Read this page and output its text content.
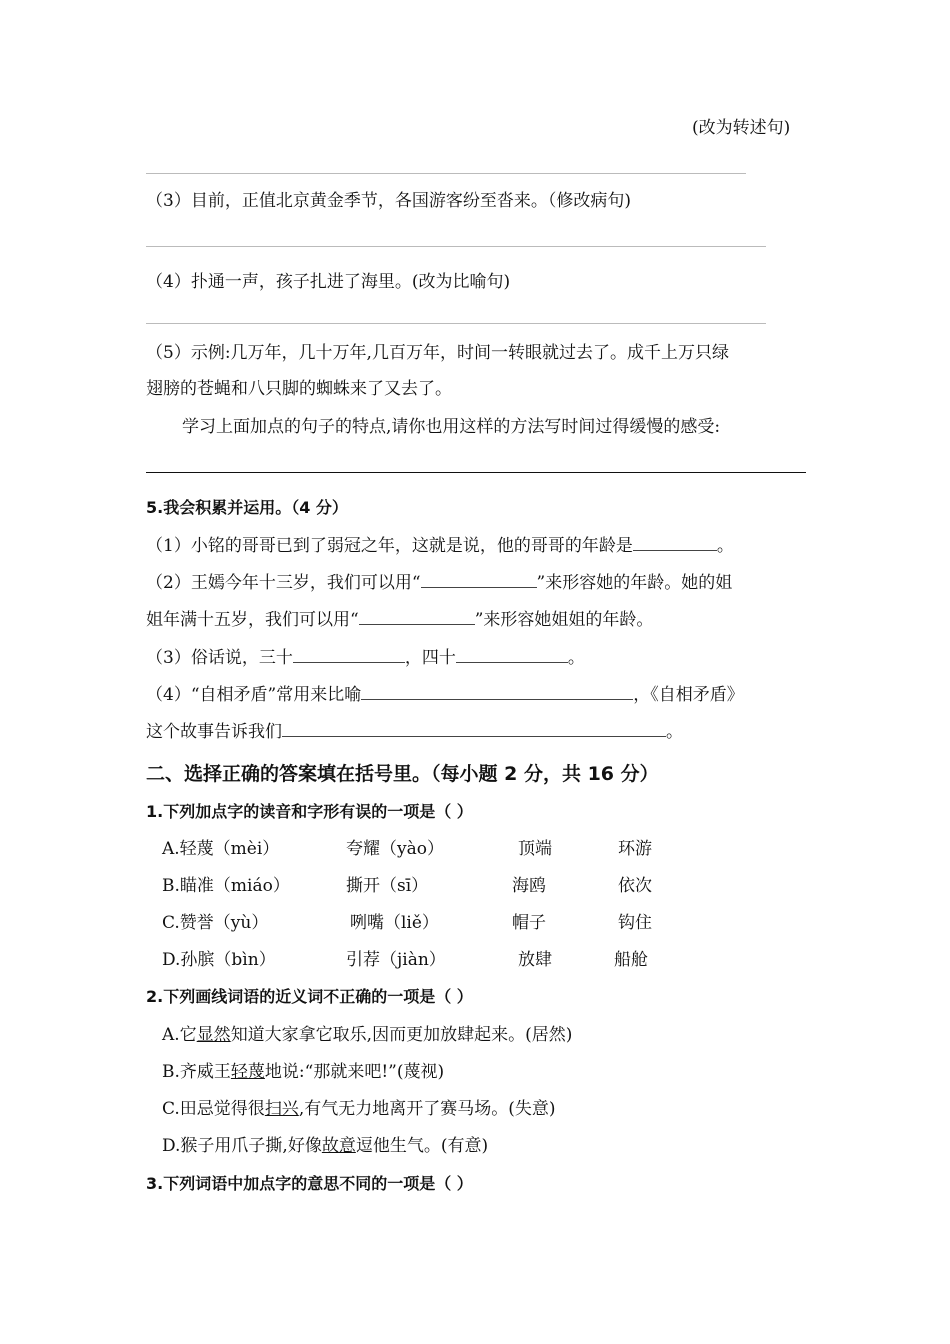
(改为转述句)
（3）目前，正值北京黄金季节，各国游客纷至沓来。（修改病句)
（4）扑通一声，孩子扎进了海里。(改为比喻句)
（5）示例:几万年，几十万年,几百万年，时间一转眼就过去了。成千上万只绿
翅膀的苍蝇和八只脚的蜘蛛来了又去了。
学习上面加点的句子的特点,请你也用这样的方法写时间过得缓慢的感受:
5.我会积累并运用。（4 分）
（1）小铭的哥哥已到了弱冠之年，这就是说，他的哥哥的年龄是	。
（2）王嫣今年十三岁，我们可以用“	”来形容她的年龄。她的姐
姐年满十五岁，我们可以用“	”来形容她姐姐的年龄。
（3）俗话说，三十	，四十	。
（4）“自相矛盾”常用来比喻	，《自相矛盾》
这个故事告诉我们	。
二、选择正确的答案填在括号里。（每小题 2 分，共 16 分）
1.下列加点字的读音和字形有误的一项是（ ）
A.轻蔑（mèi）	夸耀（yào）	顶端	环游
B.瞄准（miáo）	撕开（sī）	海鸥	依次
C.赞誉（yù）	咧嘴（liě）	帽子	钩住
D.孙膑（bìn）	引荐（jiàn）	放肆	船舱
2.下列画线词语的近义词不正确的一项是（ ）
A.它显然知道大家拿它取乐,因而更加放肆起来。(居然)
B.齐威王轻蔑地说:“那就来吧!”(蔑视)
C.田忌觉得很扫兴,有气无力地离开了赛马场。(失意)
D.猴子用爪子撕,好像故意逗他生气。(有意)
3.下列词语中加点字的意思不同的一项是（ ）
